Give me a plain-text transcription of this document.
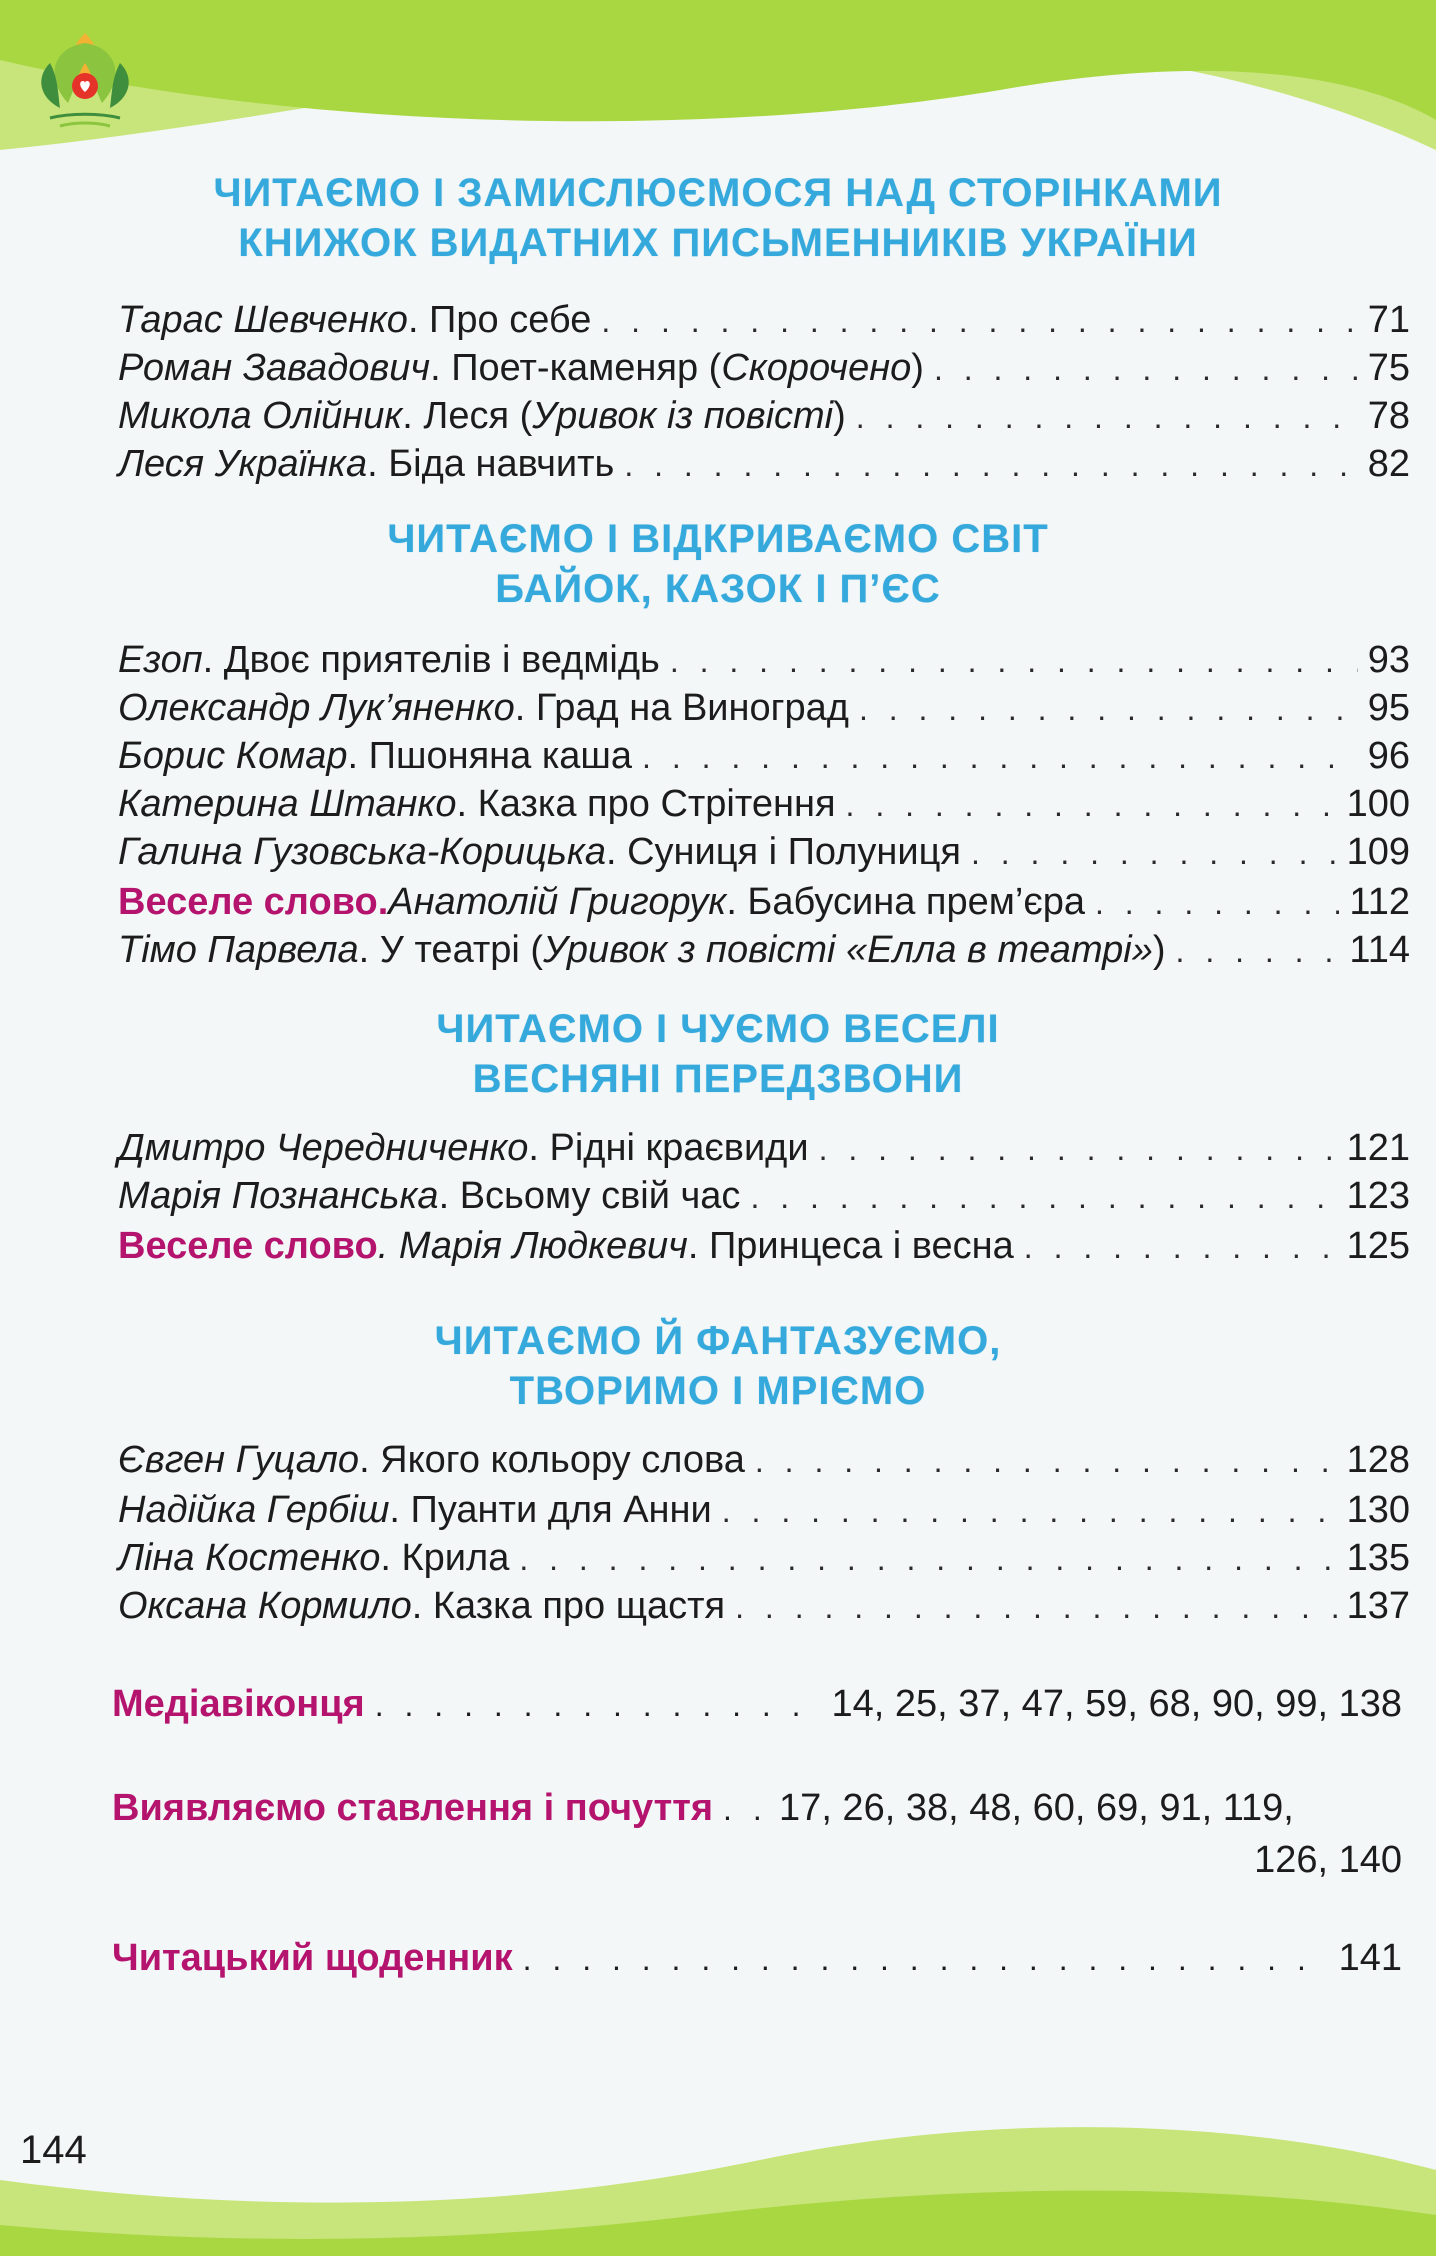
ЧИТАЄМО І ЗАМИСЛЮЄМОСЯ НАД СТОРІНКАМИ
КНИЖОК ВИДАТНИХ ПИСЬМЕННИКІВ УКРАЇНИ
Тарас Шевченко . Про себе . . .	71
Роман Завадович . Поет-каменяр ( Скорочено ) . . .	75
Микола Олійник . Леся ( Уривок із повісті ) . . .	78
Леся Українка . Біда навчить . . .	82
ЧИТАЄМО І ВІДКРИВАЄМО СВІТ
БАЙОК, КАЗОК І П’ЄС
Езоп . Двоє приятелів і ведмідь . . .	93
Олександр Лук’яненко . Град на Виноград . . .	95
Борис Комар . Пшоняна каша . . .	96
Катерина Штанко . Казка про Стрітення . . .	100
Галина Гузовська-Корицька . Суниця і Полуниця . . .	109
Веселе слово. Анатолій Григорук . Бабусина прем’єра . . .	112
Тімо Парвела . У театрі ( Уривок з повісті «Елла в театрі» ) . . .	114
ЧИТАЄМО І ЧУЄМО ВЕСЕЛІ
ВЕСНЯНІ ПЕРЕДЗВОНИ
Дмитро Чередниченко . Рідні краєвиди . . .	121
Марія Познанська . Всьому свій час . . .	123
Веселе слово . Марія Людкевич . Принцеса і весна . . .	125
ЧИТАЄМО Й ФАНТАЗУЄМО,
ТВОРИМО І МРІЄМО
Євген Гуцало . Якого кольору слова . . .	128
Надійка Гербіш . Пуанти для Анни . . .	130
Ліна Костенко . Крила . . .	135
Оксана Кормило . Казка про щастя . . .	137
Медіавіконця . . .	14, 25, 37, 47, 59, 68, 90, 99, 138
Виявляємо ставлення і почуття . . . 17, 26, 38, 48, 60, 69, 91, 119,
126, 140
Читацький щоденник . . .	141
144
